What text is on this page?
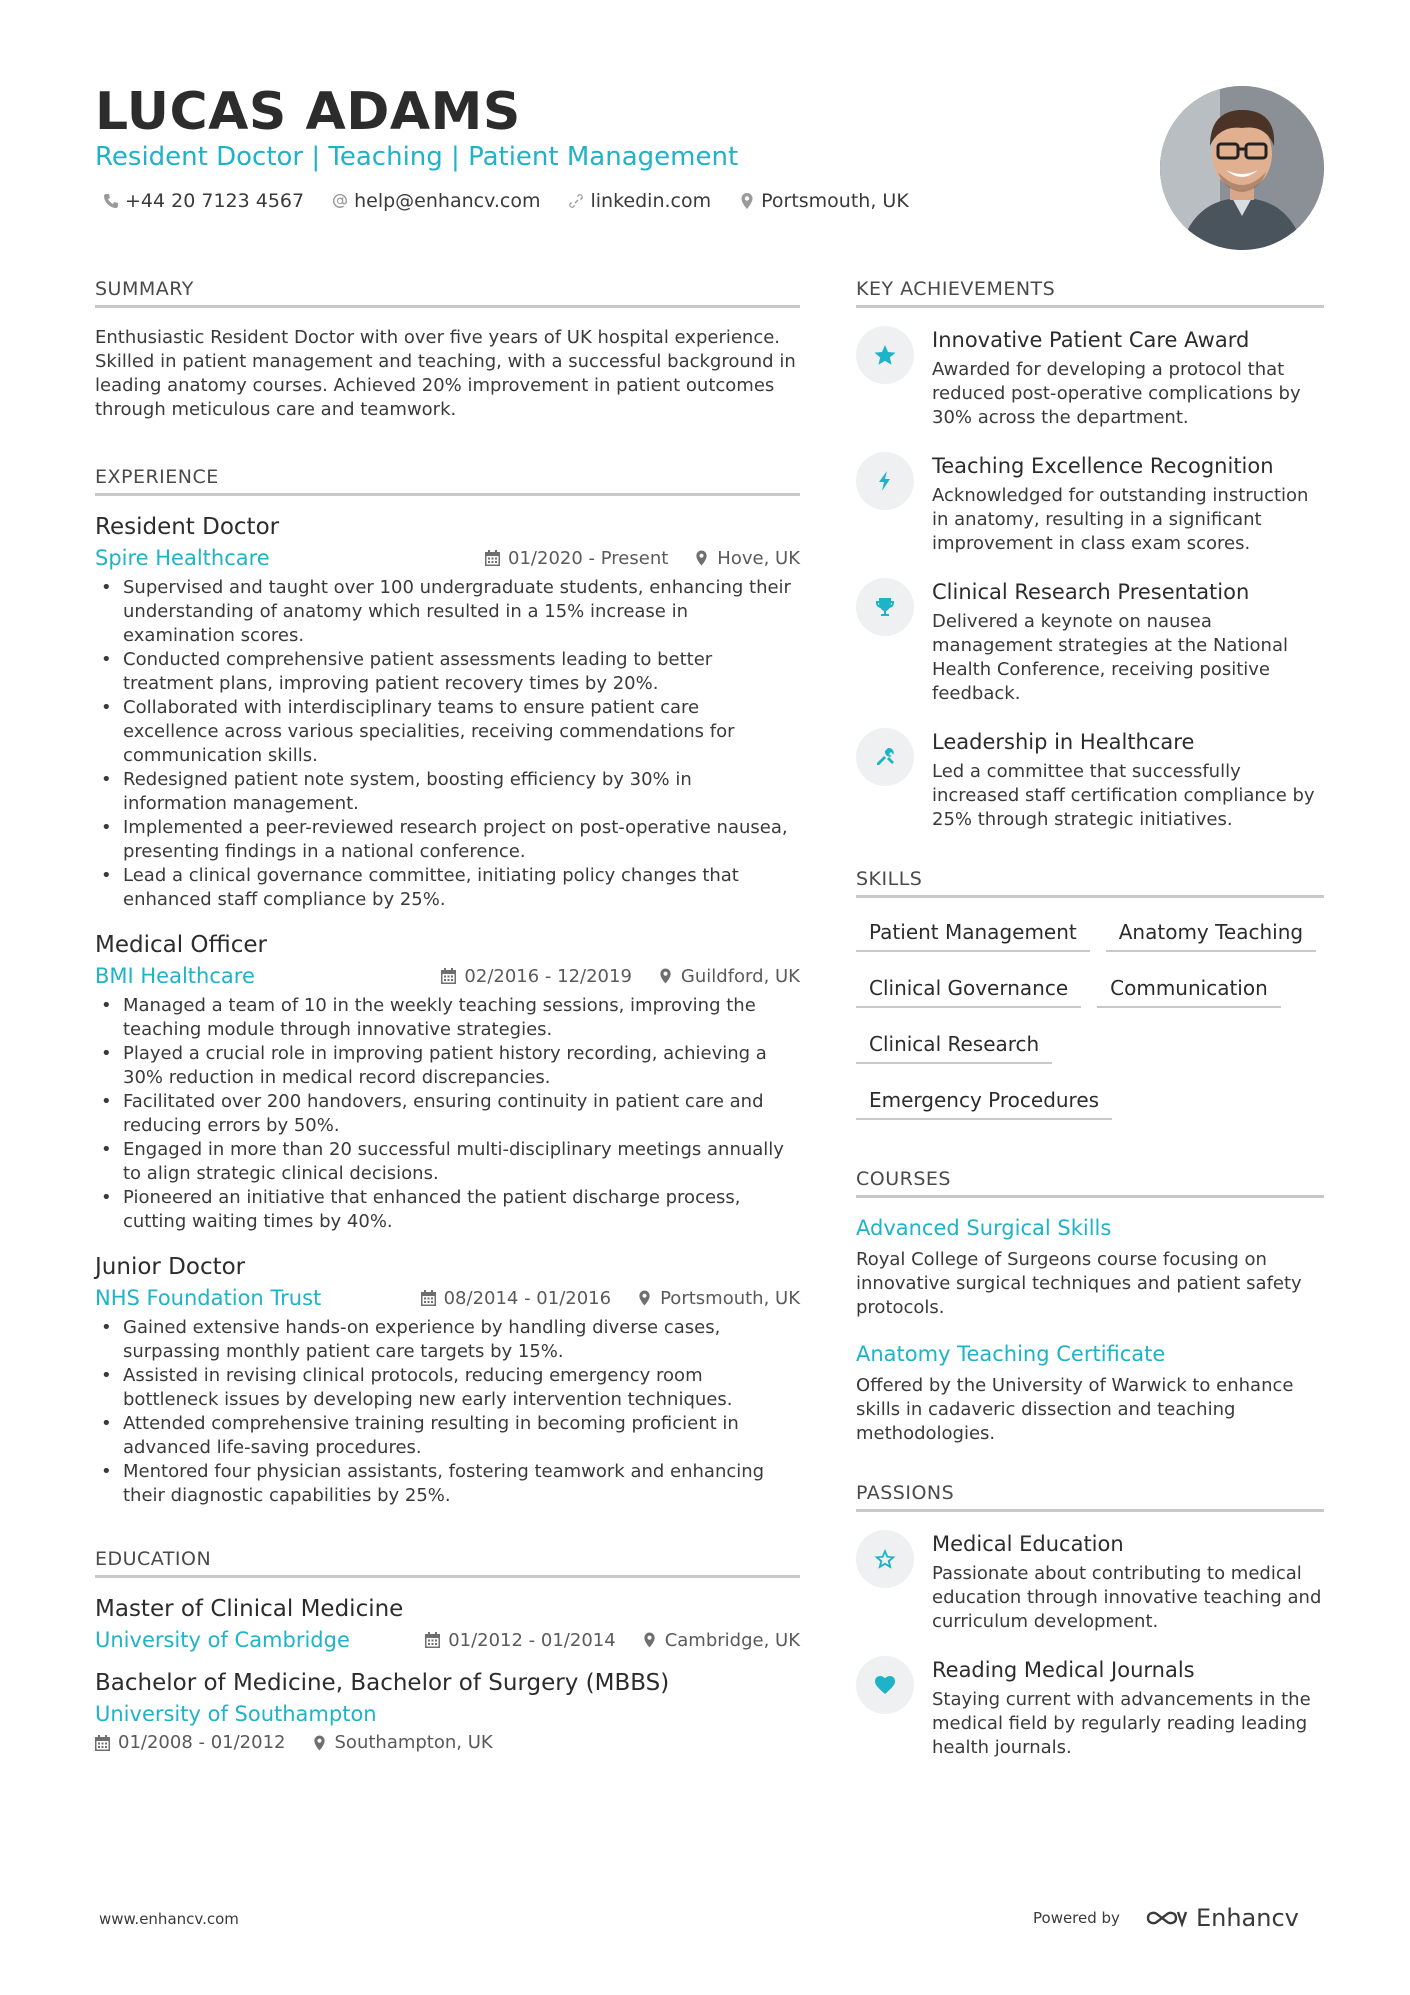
LUCAS ADAMS
Resident Doctor | Teaching | Patient Management
+44 20 7123 4567	help@enhancv.com	linkedin.com	Portsmouth, UK
SUMMARY
Enthusiastic Resident Doctor with over five years of UK hospital experience. Skilled in patient management and teaching, with a successful background in leading anatomy courses. Achieved 20% improvement in patient outcomes through meticulous care and teamwork.
EXPERIENCE
Resident Doctor
Spire Healthcare	01/2020 - Present	Hove, UK
• Supervised and taught over 100 undergraduate students, enhancing their understanding of anatomy which resulted in a 15% increase in examination scores.
• Conducted comprehensive patient assessments leading to better treatment plans, improving patient recovery times by 20%.
• Collaborated with interdisciplinary teams to ensure patient care excellence across various specialities, receiving commendations for communication skills.
• Redesigned patient note system, boosting efficiency by 30% in information management.
• Implemented a peer-reviewed research project on post-operative nausea, presenting findings in a national conference.
• Lead a clinical governance committee, initiating policy changes that enhanced staff compliance by 25%.
Medical Officer
BMI Healthcare	02/2016 - 12/2019	Guildford, UK
• Managed a team of 10 in the weekly teaching sessions, improving the teaching module through innovative strategies.
• Played a crucial role in improving patient history recording, achieving a 30% reduction in medical record discrepancies.
• Facilitated over 200 handovers, ensuring continuity in patient care and reducing errors by 50%.
• Engaged in more than 20 successful multi-disciplinary meetings annually to align strategic clinical decisions.
• Pioneered an initiative that enhanced the patient discharge process, cutting waiting times by 40%.
Junior Doctor
NHS Foundation Trust	08/2014 - 01/2016	Portsmouth, UK
• Gained extensive hands-on experience by handling diverse cases, surpassing monthly patient care targets by 15%.
• Assisted in revising clinical protocols, reducing emergency room bottleneck issues by developing new early intervention techniques.
• Attended comprehensive training resulting in becoming proficient in advanced life-saving procedures.
• Mentored four physician assistants, fostering teamwork and enhancing their diagnostic capabilities by 25%.
EDUCATION
Master of Clinical Medicine
University of Cambridge	01/2012 - 01/2014	Cambridge, UK
Bachelor of Medicine, Bachelor of Surgery (MBBS)
University of Southampton
01/2008 - 01/2012	Southampton, UK
KEY ACHIEVEMENTS
Innovative Patient Care Award
Awarded for developing a protocol that reduced post-operative complications by 30% across the department.
Teaching Excellence Recognition
Acknowledged for outstanding instruction in anatomy, resulting in a significant improvement in class exam scores.
Clinical Research Presentation
Delivered a keynote on nausea management strategies at the National Health Conference, receiving positive feedback.
Leadership in Healthcare
Led a committee that successfully increased staff certification compliance by 25% through strategic initiatives.
SKILLS
Patient Management	Anatomy Teaching
Clinical Governance	Communication
Clinical Research
Emergency Procedures
COURSES
Advanced Surgical Skills
Royal College of Surgeons course focusing on innovative surgical techniques and patient safety protocols.
Anatomy Teaching Certificate
Offered by the University of Warwick to enhance skills in cadaveric dissection and teaching methodologies.
PASSIONS
Medical Education
Passionate about contributing to medical education through innovative teaching and curriculum development.
Reading Medical Journals
Staying current with advancements in the medical field by regularly reading leading health journals.
www.enhancv.com	Powered by	Enhancv
